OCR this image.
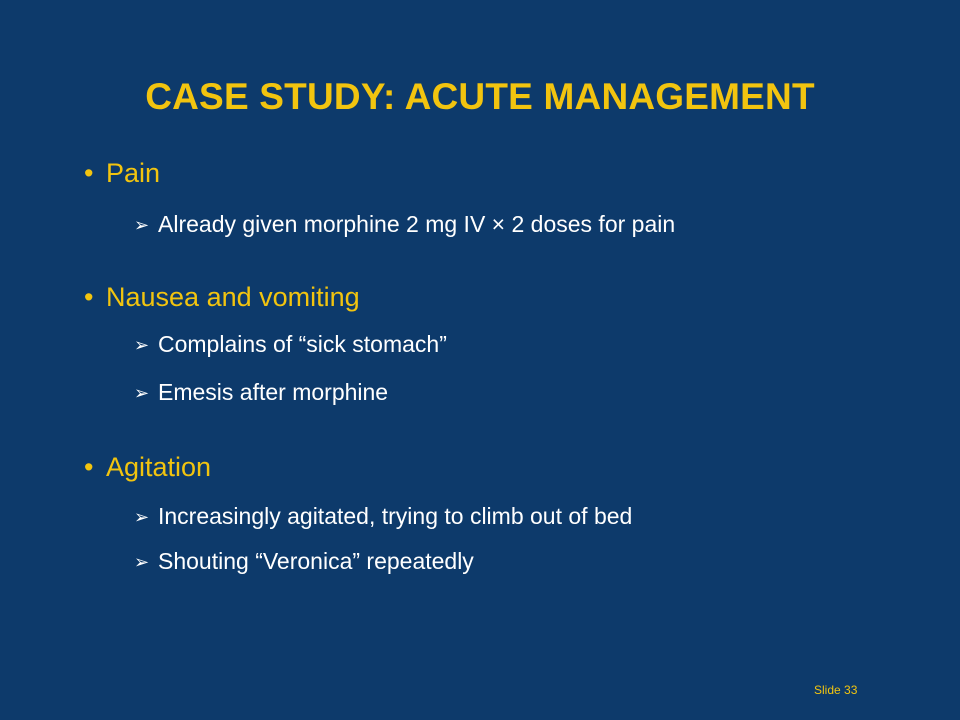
CASE STUDY: ACUTE MANAGEMENT
• Pain
➢ Already given morphine 2 mg IV × 2 doses for pain
• Nausea and vomiting
➢ Complains of “sick stomach”
➢ Emesis after morphine
• Agitation
➢ Increasingly agitated, trying to climb out of bed
➢ Shouting “Veronica” repeatedly
Slide 33
